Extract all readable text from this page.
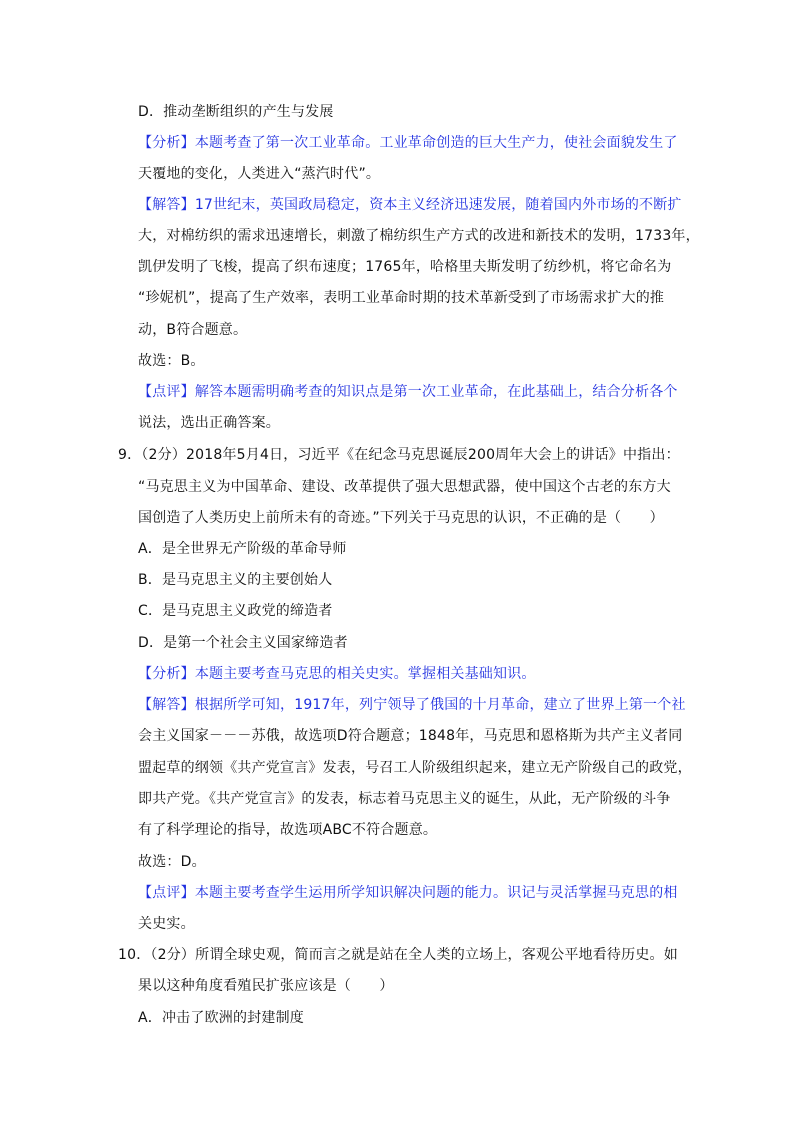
D．推动垄断组织的产生与发展
【分析】本题考查了第一次工业革命。工业革命创造的巨大生产力，使社会面貌发生了
天覆地的变化，人类进入“蒸汽时代”。
【解答】17世纪末，英国政局稳定，资本主义经济迅速发展，随着国内外市场的不断扩
大，对棉纺织的需求迅速增长，刺激了棉纺织生产方式的改进和新技术的发明，1733年，
凯伊发明了飞梭，提高了织布速度；1765年，哈格里夫斯发明了纺纱机，将它命名为
“珍妮机”，提高了生产效率，表明工业革命时期的技术革新受到了市场需求扩大的推
动，B符合题意。
故选：B。
【点评】解答本题需明确考查的知识点是第一次工业革命，在此基础上，结合分析各个
说法，选出正确答案。
9．（2分）2018年5月4日，习近平《在纪念马克思诞辰200周年大会上的讲话》中指出：
“马克思主义为中国革命、建设、改革提供了强大思想武器，使中国这个古老的东方大
国创造了人类历史上前所未有的奇迹。”下列关于马克思的认识，不正确的是（　　）
A．是全世界无产阶级的革命导师
B．是马克思主义的主要创始人
C．是马克思主义政党的缔造者
D．是第一个社会主义国家缔造者
【分析】本题主要考查马克思的相关史实。掌握相关基础知识。
【解答】根据所学可知，1917年，列宁领导了俄国的十月革命，建立了世界上第一个社
会主义国家－－－苏俄，故选项D符合题意；1848年，马克思和恩格斯为共产主义者同
盟起草的纲领《共产党宣言》发表，号召工人阶级组织起来，建立无产阶级自己的政党，
即共产党。《共产党宣言》的发表，标志着马克思主义的诞生，从此，无产阶级的斗争
有了科学理论的指导，故选项ABC不符合题意。
故选：D。
【点评】本题主要考查学生运用所学知识解决问题的能力。识记与灵活掌握马克思的相
关史实。
10．（2分）所谓全球史观，简而言之就是站在全人类的立场上，客观公平地看待历史。如
果以这种角度看殖民扩张应该是（　　）
A．冲击了欧洲的封建制度
